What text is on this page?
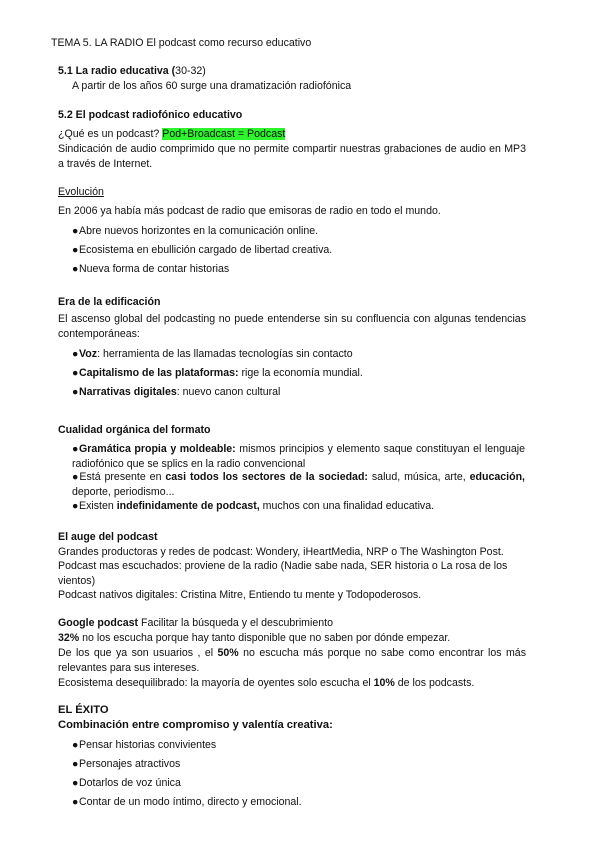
TEMA 5. LA RADIO El podcast como recurso educativo
5.1 La radio educativa (30-32)
A partir de los años 60 surge una dramatización radiofónica
5.2 El podcast radiofónico educativo
¿Qué es un podcast? Pod+Broadcast = Podcast
Sindicación de audio comprimido que no permite compartir nuestras grabaciones de audio en MP3 a través de Internet.
Evolución
En 2006 ya había más podcast de radio que emisoras de radio en todo el mundo.
●Abre nuevos horizontes en la comunicación online.
●Ecosistema en ebullición cargado de libertad creativa.
●Nueva forma de contar historias
Era de la edificación
El ascenso global del podcasting no puede entenderse sin su confluencia con algunas tendencias contemporáneas:
●Voz: herramienta de las llamadas tecnologías sin contacto
●Capitalismo de las plataformas: rige la economía mundial.
●Narrativas digitales: nuevo canon cultural
Cualidad orgánica del formato
●Gramática propia y moldeable: mismos principios y elemento saque constituyan el lenguaje radiofónico que se splics en la radio convencional
●Está presente en casi todos los sectores de la sociedad: salud, música, arte, educación, deporte, periodismo...
●Existen indefinidamente de podcast, muchos con una finalidad educativa.
El auge del podcast
Grandes productoras y redes de podcast: Wondery, iHeartMedia, NRP o The Washington Post.
Podcast mas escuchados: proviene de la radio (Nadie sabe nada, SER historia o La rosa de los vientos)
Podcast nativos digitales: Cristina Mitre, Entiendo tu mente y Todopoderosos.
Google podcast Facilitar la búsqueda y el descubrimiento
32% no los escucha porque hay tanto disponible que no saben por dónde empezar.
De los que ya son usuarios , el 50% no escucha más porque no sabe como encontrar los más relevantes para sus intereses.
Ecosistema desequilibrado: la mayoría de oyentes solo escucha el 10% de los podcasts.
EL ÉXITO
Combinación entre compromiso y valentía creativa:
●Pensar historias convivientes
●Personajes atractivos
●Dotarlos de voz única
●Contar de un modo íntimo, directo y emocional.
